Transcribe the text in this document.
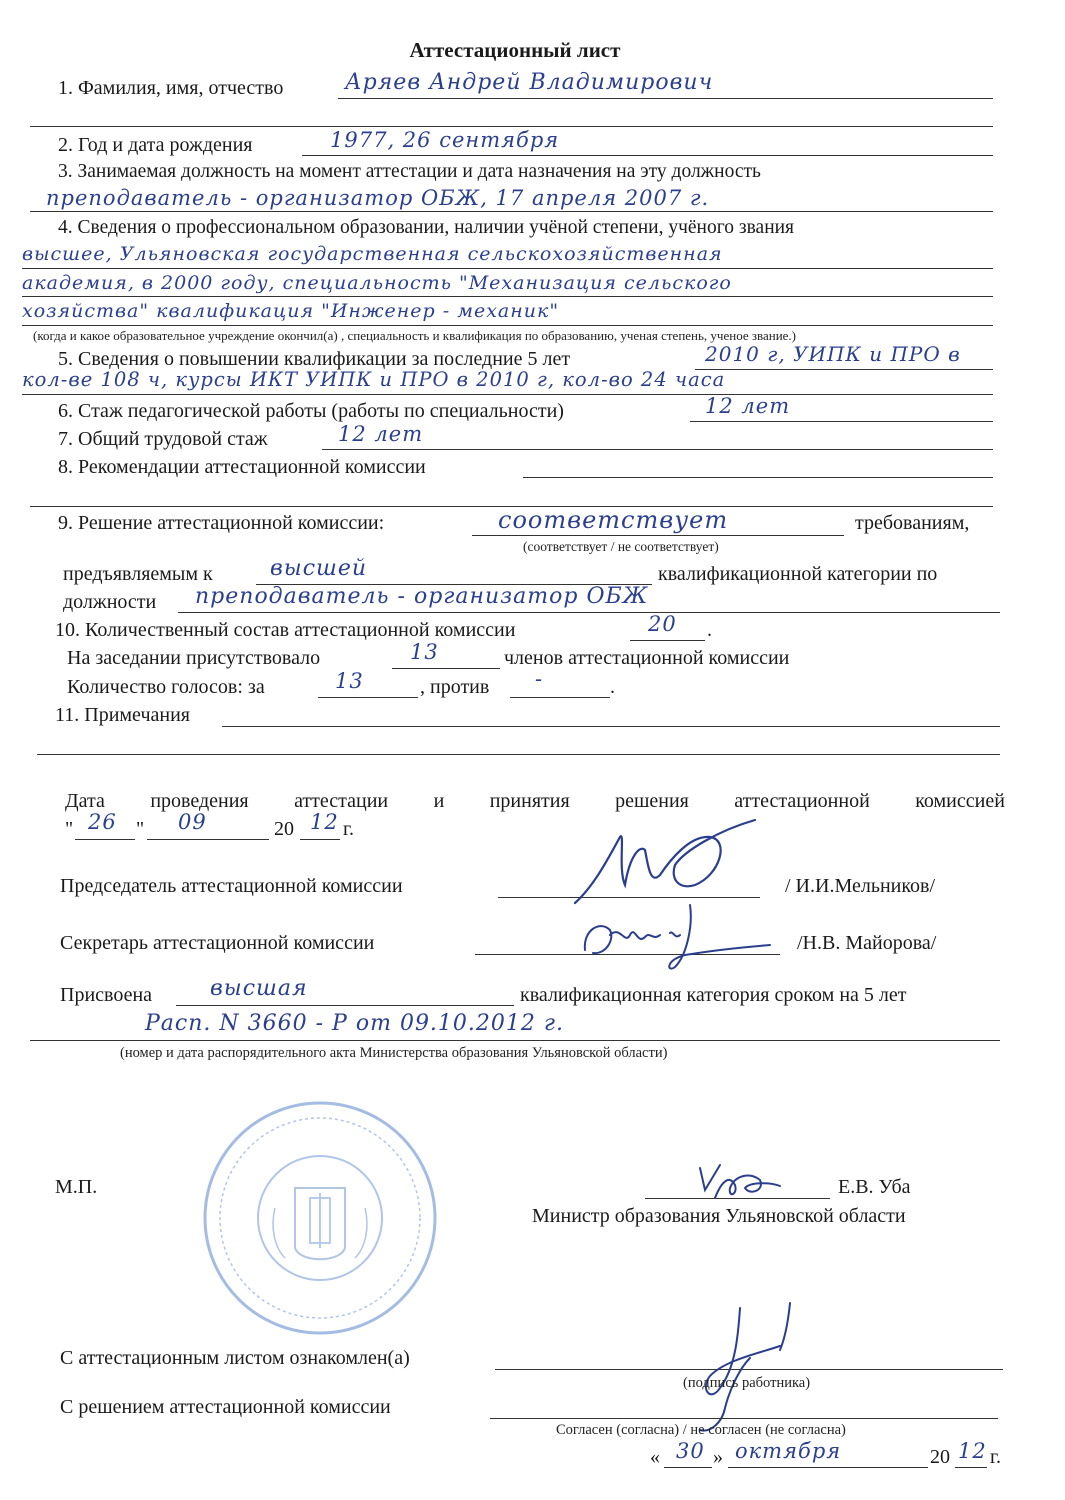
Аттестационный лист
1. Фамилия, имя, отчество	Аряев Андрей Владимирович
2. Год и дата рождения	1977, 26 сентября
3. Занимаемая должность на момент аттестации и дата назначения на эту должность
преподаватель - организатор ОБЖ, 17 апреля 2007 г.
4. Сведения о профессиональном образовании, наличии учёной степени, учёного звания
высшее, Ульяновская государственная сельскохозяйственная
академия, в 2000 году, специальность "Механизация сельского
хозяйства" квалификация "Инженер - механик"
(когда и какое образовательное учреждение окончил(а) , специальность и квалификация по образованию, ученая степень, ученое звание.)
5. Сведения о повышении квалификации за последние 5 лет	2010 г, УИПК и ПРО в
кол-ве 108 ч, курсы ИКТ УИПК и ПРО в 2010 г, кол-во 24 часа
6. Стаж педагогической работы (работы по специальности)	12 лет
7. Общий трудовой стаж	12 лет
8. Рекомендации аттестационной комиссии
9. Решение аттестационной комиссии:	соответствует	требованиям,
(соответствует / не соответствует)
предъявляемым к	высшей	квалификационной категории по
должности преподаватель - организатор ОБЖ
10. Количественный состав аттестационной комиссии	20 .
На заседании присутствовало	13	членов аттестационной комиссии
Количество голосов: за	13	, против -	.
11. Примечания
Дата проведения аттестации и принятия решения аттестационной комиссией
" 26 " 09	20 12 г.
Председатель аттестационной комиссии	/ И.И.Мельников/
Секретарь аттестационной комиссии	/Н.В. Майорова/
Присвоена	высшая	квалификационная категория сроком на 5 лет
Расп. N 3660 - Р от 09.10.2012 г.
(номер и дата распорядительного акта Министерства образования Ульяновской области)
М.П.	Е.В. Уба
Министр образования Ульяновской области
С аттестационным листом ознакомлен(а)
(подпись работника)
С решением аттестационной комиссии
Согласен (согласна) / не согласен (не согласна)
« 30 » октября	20 12 г.
